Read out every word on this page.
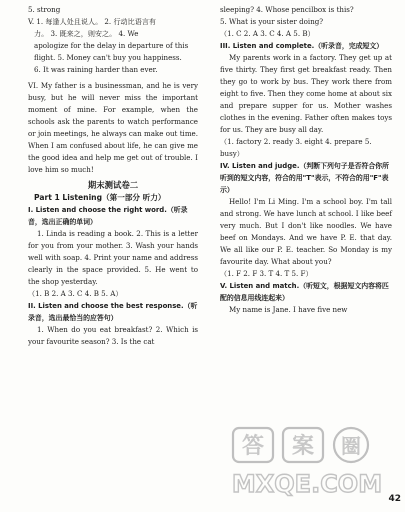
5. strong

V. 1. 每逢人处且说人。 2. 行动比语言有

力。 3. 既来之，则安之。 4. We

apologize for the delay in departure of this

flight. 5. Money can't buy you happiness.

6. It was raining harder than ever.

VI. My father is a businessman, and he is very busy, but he will never miss the important moment of mine. For example, when the schools ask the parents to watch performance or join meetings, he always can make out time. When I am confused about life, he can give me the good idea and help me get out of trouble. I love him so much!

期末测试卷二
Part 1 Listening（第一部分 听力）

I. Listen and choose the right word.（听录音，选出正确的单词）

1. Linda is reading a book. 2. This is a letter for you from your mother. 3. Wash your hands well with soap. 4. Print your name and address clearly in the space provided. 5. He went to the shop yesterday.

（1. B 2. A 3. C 4. B 5. A）

II. Listen and choose the best response.（听录音，选出最恰当的应答句）

1. When do you eat breakfast? 2. Which is your favourite season? 3. Is the cat

sleeping? 4. Whose pencilbox is this?

5. What is your sister doing?

（1. C 2. A 3. C 4. A 5. B）

III. Listen and complete.（听录音，完成短文）

My parents work in a factory. They get up at five thirty. They first get breakfast ready. Then they go to work by bus. They work there from eight to five. Then they come home at about six and prepare supper for us. Mother washes clothes in the evening. Father often makes toys for us. They are busy all day.

（1. factory 2. ready 3. eight 4. prepare 5. busy）

IV. Listen and judge.（判断下列句子是否符合你所听到的短文内容，符合的用"T"表示，不符合的用"F"表示）

Hello! I'm Li Ming. I'm a school boy. I'm tall and strong. We have lunch at school. I like beef very much. But I don't like noodles. We have beef on Mondays. And we have P. E. that day. We all like our P. E. teacher. So Monday is my favourite day. What about you?

（1. F 2. F 3. T 4. T 5. F）

V. Listen and match.（听短文，根据短文内容将匹配的信息用线连起来）

My name is Jane. I have five new

答 案 圈
MXQE.COM
42
